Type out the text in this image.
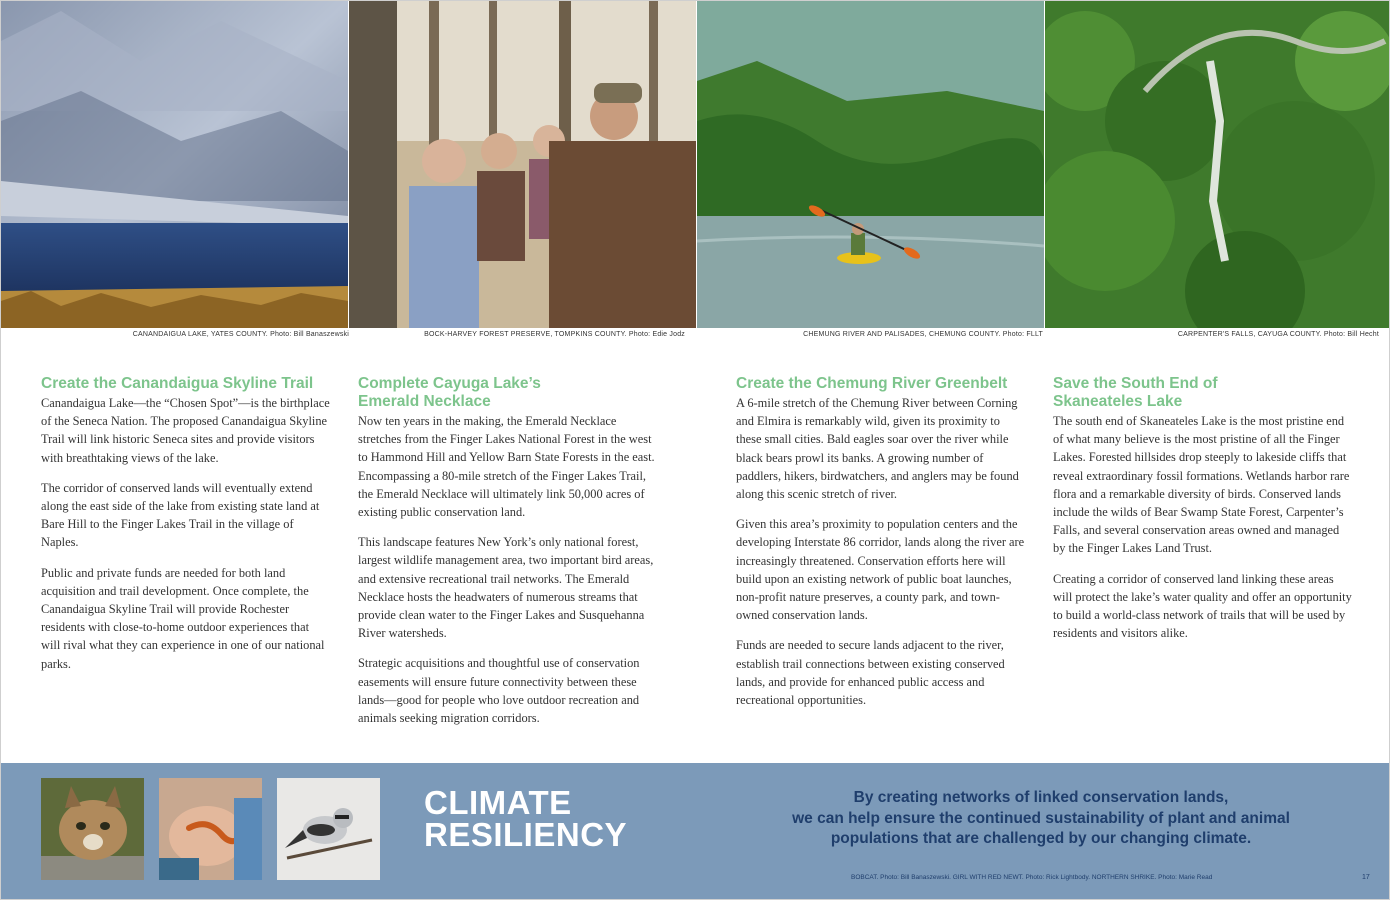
CANANDAIGUA LAKE, YATES COUNTY. Photo: Bill Banaszewski	BOCK-HARVEY FOREST PRESERVE, TOMPKINS COUNTY. Photo: Edie Jodz	CHEMUNG RIVER AND PALISADES, CHEMUNG COUNTY. Photo: FLLT	CARPENTER'S FALLS, CAYUGA COUNTY. Photo: Bill Hecht
Create the Canandaigua Skyline Trail

Canandaigua Lake—the “Chosen Spot”—is the birthplace of the Seneca Nation. The proposed Canandaigua Skyline Trail will link historic Seneca sites and provide visitors with breathtaking views of the lake.

The corridor of conserved lands will eventually extend along the east side of the lake from existing state land at Bare Hill to the Finger Lakes Trail in the village of Naples.

Public and private funds are needed for both land acquisition and trail development. Once complete, the Canandaigua Skyline Trail will provide Rochester residents with close-to-home outdoor experiences that will rival what they can experience in one of our national parks.

Complete Cayuga Lake’s
Emerald Necklace

Now ten years in the making, the Emerald Necklace stretches from the Finger Lakes National Forest in the west to Hammond Hill and Yellow Barn State Forests in the east. Encompassing a 80-mile stretch of the Finger Lakes Trail, the Emerald Necklace will ultimately link 50,000 acres of existing public conservation land.

This landscape features New York’s only national forest, largest wildlife management area, two important bird areas, and extensive recreational trail networks. The Emerald Necklace hosts the headwaters of numerous streams that provide clean water to the Finger Lakes and Susquehanna River watersheds.

Strategic acquisitions and thoughtful use of conservation easements will ensure future connectivity between these lands—good for people who love outdoor recreation and animals seeking migration corridors.

Create the Chemung River Greenbelt

A 6-mile stretch of the Chemung River between Corning and Elmira is remarkably wild, given its proximity to these small cities. Bald eagles soar over the river while black bears prowl its banks. A growing number of paddlers, hikers, birdwatchers, and anglers may be found along this scenic stretch of river.

Given this area’s proximity to population centers and the developing Interstate 86 corridor, lands along the river are increasingly threatened. Conservation efforts here will build upon an existing network of public boat launches, non-profit nature preserves, a county park, and town-owned conservation lands.

Funds are needed to secure lands adjacent to the river, establish trail connections between existing conserved lands, and provide for enhanced public access and recreational opportunities.

Save the South End of
Skaneateles Lake

The south end of Skaneateles Lake is the most pristine end of what many believe is the most pristine of all the Finger Lakes. Forested hillsides drop steeply to lakeside cliffs that reveal extraordinary fossil formations. Wetlands harbor rare flora and a remarkable diversity of birds. Conserved lands include the wilds of Bear Swamp State Forest, Carpenter’s Falls, and several conservation areas owned and managed by the Finger Lakes Land Trust.

Creating a corridor of conserved land linking these areas will protect the lake’s water quality and offer an opportunity to build a world-class network of trails that will be used by residents and visitors alike.

CLIMATE
RESILIENCY
By creating networks of linked conservation lands,
we can help ensure the continued sustainability of plant and animal
populations that are challenged by our changing climate.
BOBCAT. Photo: Bill Banaszewski. GIRL WITH RED NEWT. Photo: Rick Lightbody. NORTHERN SHRIKE. Photo: Marie Read	17
